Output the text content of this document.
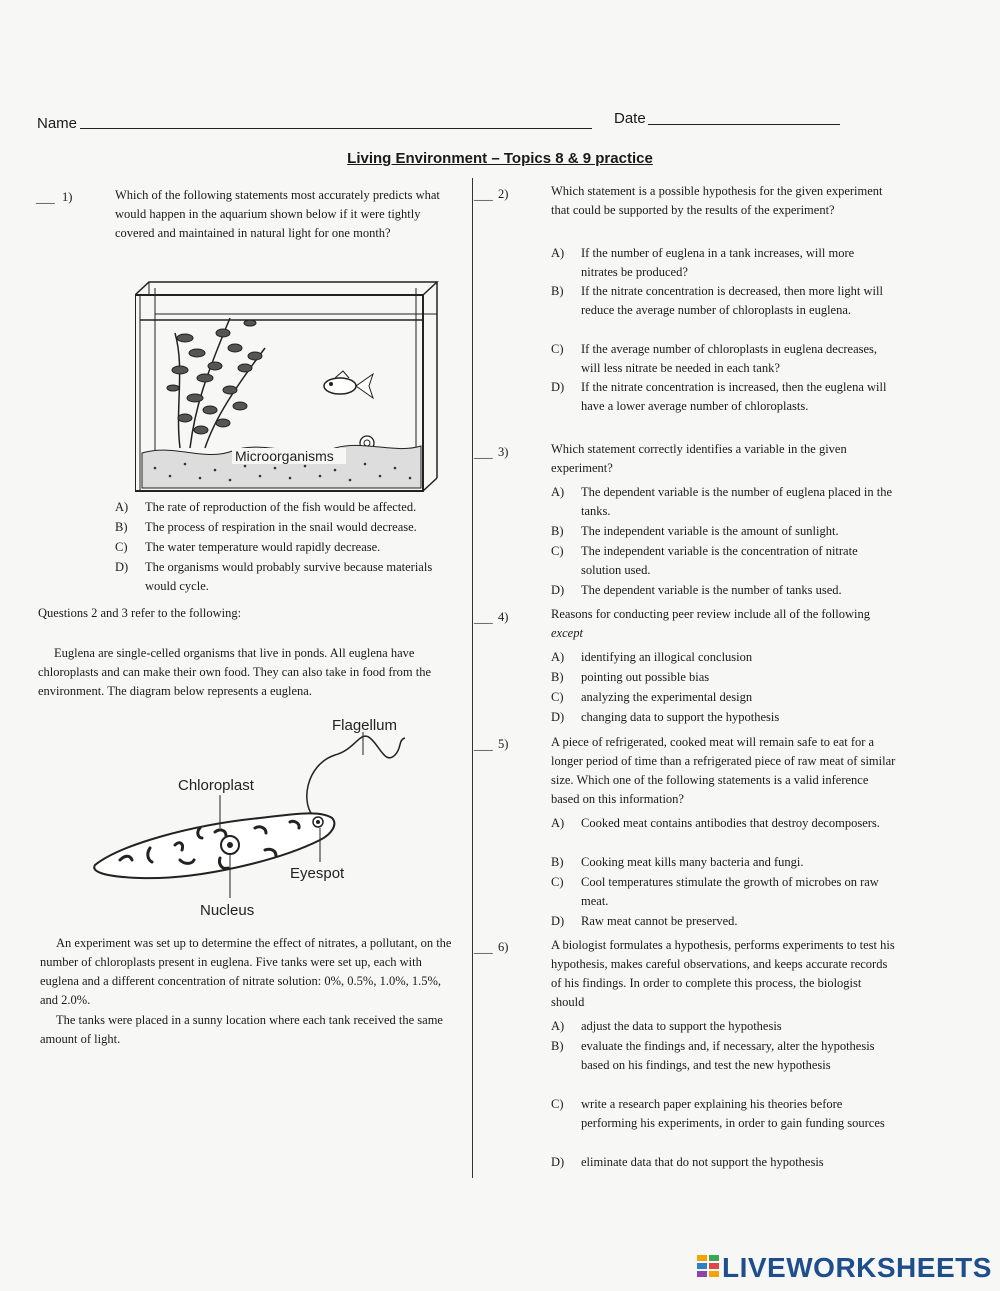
Name	Date
Living Environment – Topics 8 & 9 practice
___ 1)	Which of the following statements most accurately predicts what would happen in the aquarium shown below if it were tightly covered and maintained in natural light for one month?
Microorganisms
A) The rate of reproduction of the fish would be affected.
B) The process of respiration in the snail would decrease.
C) The water temperature would rapidly decrease.
D) The organisms would probably survive because materials would cycle.
Questions 2 and 3 refer to the following:
Euglena are single-celled organisms that live in ponds. All euglena have chloroplasts and can make their own food. They can also take in food from the environment. The diagram below represents a euglena.
Flagellum
Chloroplast
Eyespot
Nucleus
An experiment was set up to determine the effect of nitrates, a pollutant, on the number of chloroplasts present in euglena. Five tanks were set up, each with euglena and a different concentration of nitrate solution: 0%, 0.5%, 1.0%, 1.5%, and 2.0%.
The tanks were placed in a sunny location where each tank received the same amount of light.
___ 2)	Which statement is a possible hypothesis for the given experiment that could be supported by the results of the experiment?
A) If the number of euglena in a tank increases, will more nitrates be produced?
B) If the nitrate concentration is decreased, then more light will reduce the average number of chloroplasts in euglena.
C) If the average number of chloroplasts in euglena decreases, will less nitrate be needed in each tank?
D) If the nitrate concentration is increased, then the euglena will have a lower average number of chloroplasts.
___ 3)	Which statement correctly identifies a variable in the given experiment?
A) The dependent variable is the number of euglena placed in the tanks.
B) The independent variable is the amount of sunlight.
C) The independent variable is the concentration of nitrate solution used.
D) The dependent variable is the number of tanks used.
___ 4)	Reasons for conducting peer review include all of the following except
A) identifying an illogical conclusion
B) pointing out possible bias
C) analyzing the experimental design
D) changing data to support the hypothesis
___ 5)	A piece of refrigerated, cooked meat will remain safe to eat for a longer period of time than a refrigerated piece of raw meat of similar size. Which one of the following statements is a valid inference based on this information?
A) Cooked meat contains antibodies that destroy decomposers.
B) Cooking meat kills many bacteria and fungi.
C) Cool temperatures stimulate the growth of microbes on raw meat.
D) Raw meat cannot be preserved.
___ 6)	A biologist formulates a hypothesis, performs experiments to test his hypothesis, makes careful observations, and keeps accurate records of his findings. In order to complete this process, the biologist should
A) adjust the data to support the hypothesis
B) evaluate the findings and, if necessary, alter the hypothesis based on his findings, and test the new hypothesis
C) write a research paper explaining his theories before performing his experiments, in order to gain funding sources
D) eliminate data that do not support the hypothesis
LIVEWORKSHEETS
